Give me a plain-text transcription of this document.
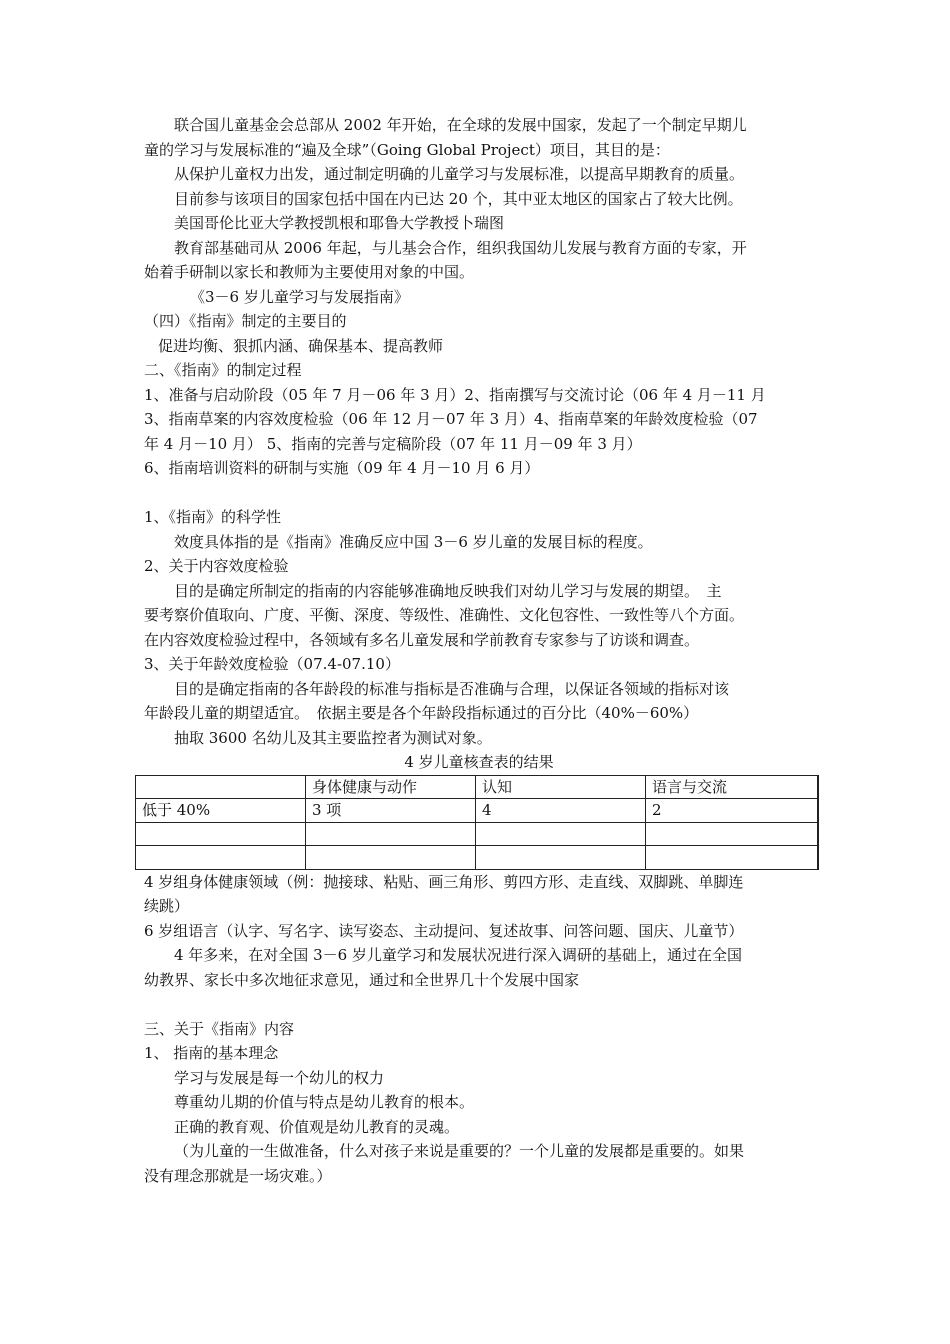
联合国儿童基金会总部从 2002 年开始，在全球的发展中国家，发起了一个制定早期儿
童的学习与发展标准的“遍及全球”（Going Global Project）项目，其目的是：
从保护儿童权力出发，通过制定明确的儿童学习与发展标准，以提高早期教育的质量。
目前参与该项目的国家包括中国在内已达 20 个，其中亚太地区的国家占了较大比例。
美国哥伦比亚大学教授凯根和耶鲁大学教授卜瑞图
教育部基础司从 2006 年起，与儿基会合作，组织我国幼儿发展与教育方面的专家，开
始着手研制以家长和教师为主要使用对象的中国。
《3－6 岁儿童学习与发展指南》
（四）《指南》制定的主要目的
促进均衡、狠抓内涵、确保基本、提高教师
二、《指南》的制定过程
1、准备与启动阶段（05 年 7 月－06 年 3 月）2、指南撰写与交流讨论（06 年 4 月－11 月
3、指南草案的内容效度检验（06 年 12 月－07 年 3 月）4、指南草案的年龄效度检验（07
年 4 月－10 月） 5、指南的完善与定稿阶段（07 年 11 月－09 年 3 月）
6、指南培训资料的研制与实施（09 年 4 月－10 月 6 月）
1、《指南》的科学性
效度具体指的是《指南》准确反应中国 3－6 岁儿童的发展目标的程度。
2、关于内容效度检验
目的是确定所制定的指南的内容能够准确地反映我们对幼儿学习与发展的期望。　主
要考察价值取向、广度、平衡、深度、等级性、准确性、文化包容性、一致性等八个方面。
在内容效度检验过程中，各领域有多名儿童发展和学前教育专家参与了访谈和调查。
3、关于年龄效度检验（07.4-07.10）
目的是确定指南的各年龄段的标准与指标是否准确与合理，以保证各领域的指标对该
年龄段儿童的期望适宜。　依据主要是各个年龄段指标通过的百分比（40%－60%）
抽取 3600 名幼儿及其主要监控者为测试对象。
4 岁儿童核查表的结果
	身体健康与动作	认知	语言与交流
低于 40%	3 项	4	2

4 岁组身体健康领域（例：抛接球、粘贴、画三角形、剪四方形、走直线、双脚跳、单脚连
续跳）
6 岁组语言（认字、写名字、读写姿态、主动提问、复述故事、问答问题、国庆、儿童节）
4 年多来，在对全国 3－6 岁儿童学习和发展状况进行深入调研的基础上，通过在全国
幼教界、家长中多次地征求意见，通过和全世界几十个发展中国家
三、关于《指南》内容
1、 指南的基本理念
学习与发展是每一个幼儿的权力
尊重幼儿期的价值与特点是幼儿教育的根本。
正确的教育观、价值观是幼儿教育的灵魂。
（为儿童的一生做准备，什么对孩子来说是重要的？一个儿童的发展都是重要的。如果
没有理念那就是一场灾难。）
